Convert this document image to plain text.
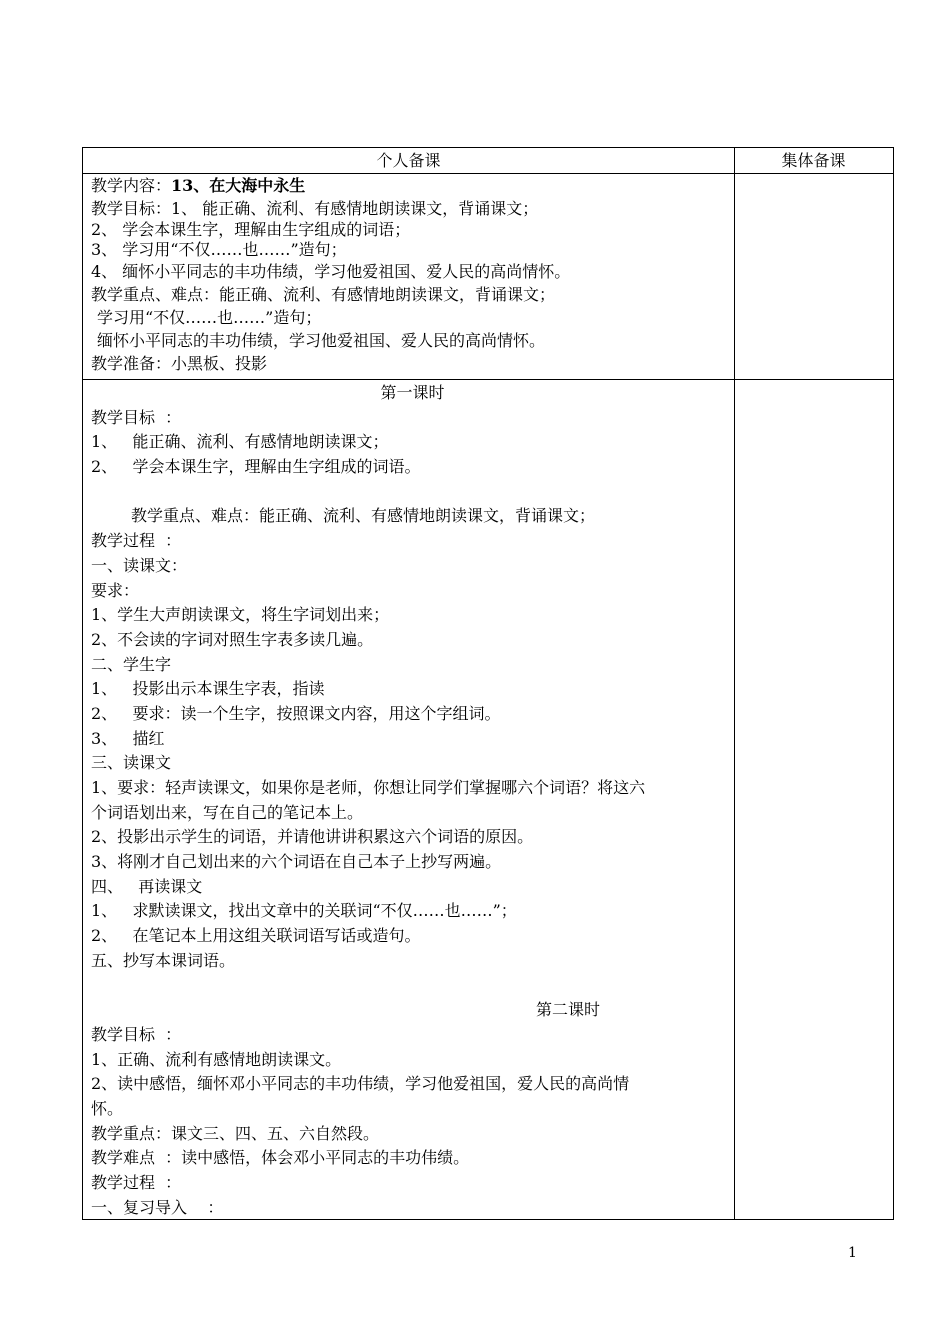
个人备课	集体备课
教学内容：13、在大海中永生
教学目标：1、 能正确、流利、有感情地朗读课文，背诵课文；
2、 学会本课生字，理解由生字组成的词语；
3、 学习用“不仅……也……”造句；
4、 缅怀小平同志的丰功伟绩，学习他爱祖国、爱人民的高尚情怀。
教学重点、难点：能正确、流利、有感情地朗读课文，背诵课文；
学习用“不仅……也……”造句；
缅怀小平同志的丰功伟绩，学习他爱祖国、爱人民的高尚情怀。
教学准备：小黑板、投影
第一课时
教学目标  ：
1、   能正确、流利、有感情地朗读课文；
2、   学会本课生字，理解由生字组成的词语。
教学重点、难点：能正确、流利、有感情地朗读课文，背诵课文；
教学过程  ：
一、读课文：
要求：
1、学生大声朗读课文，将生字词划出来；
2、不会读的字词对照生字表多读几遍。
二、学生字
1、   投影出示本课生字表，指读
2、   要求：读一个生字，按照课文内容，用这个字组词。
3、   描红
三、读课文
1、要求：轻声读课文，如果你是老师，你想让同学们掌握哪六个词语？将这六
个词语划出来，写在自己的笔记本上。
2、投影出示学生的词语，并请他讲讲积累这六个词语的原因。
3、将刚才自己划出来的六个词语在自己本子上抄写两遍。
四、   再读课文
1、   求默读课文，找出文章中的关联词“不仅……也……”；
2、   在笔记本上用这组关联词语写话或造句。
五、抄写本课词语。
第二课时
教学目标  ：
1、正确、流利有感情地朗读课文。
2、读中感悟，缅怀邓小平同志的丰功伟绩，学习他爱祖国，爱人民的高尚情
怀。
教学重点：课文三、四、五、六自然段。
教学难点  ：读中感悟，体会邓小平同志的丰功伟绩。
教学过程  ：
一、复习导入    ：
1
